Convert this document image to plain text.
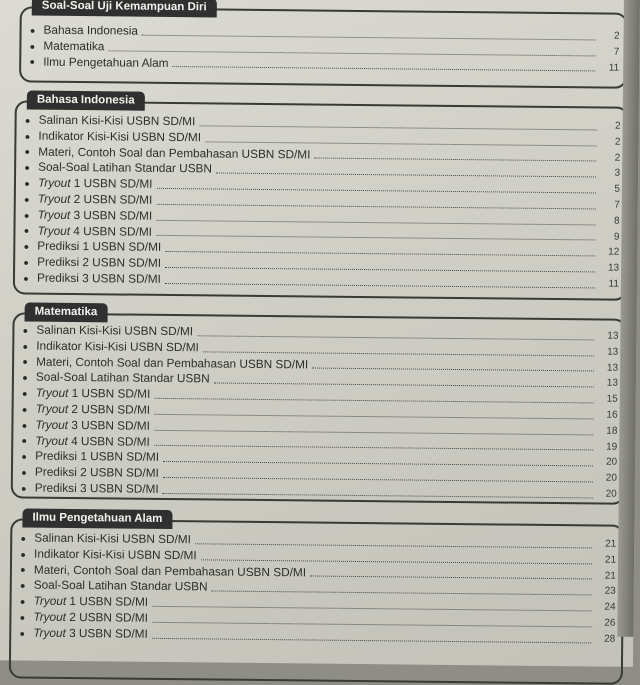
Soal-Soal Uji Kemampuan Diri
● Bahasa Indonesia	2
● Matematika	7
● Ilmu Pengetahuan Alam	11
Bahasa Indonesia
● Salinan Kisi-Kisi USBN SD/MI	2
● Indikator Kisi-Kisi USBN SD/MI	2
● Materi, Contoh Soal dan Pembahasan USBN SD/MI	2
● Soal-Soal Latihan Standar USBN	3
● Tryout 1 USBN SD/MI	5
● Tryout 2 USBN SD/MI	7
● Tryout 3 USBN SD/MI	8
● Tryout 4 USBN SD/MI	9
● Prediksi 1 USBN SD/MI	12
● Prediksi 2 USBN SD/MI	13
● Prediksi 3 USBN SD/MI	11
Matematika
● Salinan Kisi-Kisi USBN SD/MI	13
● Indikator Kisi-Kisi USBN SD/MI	13
● Materi, Contoh Soal dan Pembahasan USBN SD/MI	13
● Soal-Soal Latihan Standar USBN	13
● Tryout 1 USBN SD/MI	15
● Tryout 2 USBN SD/MI	16
● Tryout 3 USBN SD/MI	18
● Tryout 4 USBN SD/MI	19
● Prediksi 1 USBN SD/MI	20
● Prediksi 2 USBN SD/MI	20
● Prediksi 3 USBN SD/MI	20
Ilmu Pengetahuan Alam
● Salinan Kisi-Kisi USBN SD/MI	21
● Indikator Kisi-Kisi USBN SD/MI	21
● Materi, Contoh Soal dan Pembahasan USBN SD/MI	21
● Soal-Soal Latihan Standar USBN	23
● Tryout 1 USBN SD/MI	24
● Tryout 2 USBN SD/MI	26
● Tryout 3 USBN SD/MI	28
